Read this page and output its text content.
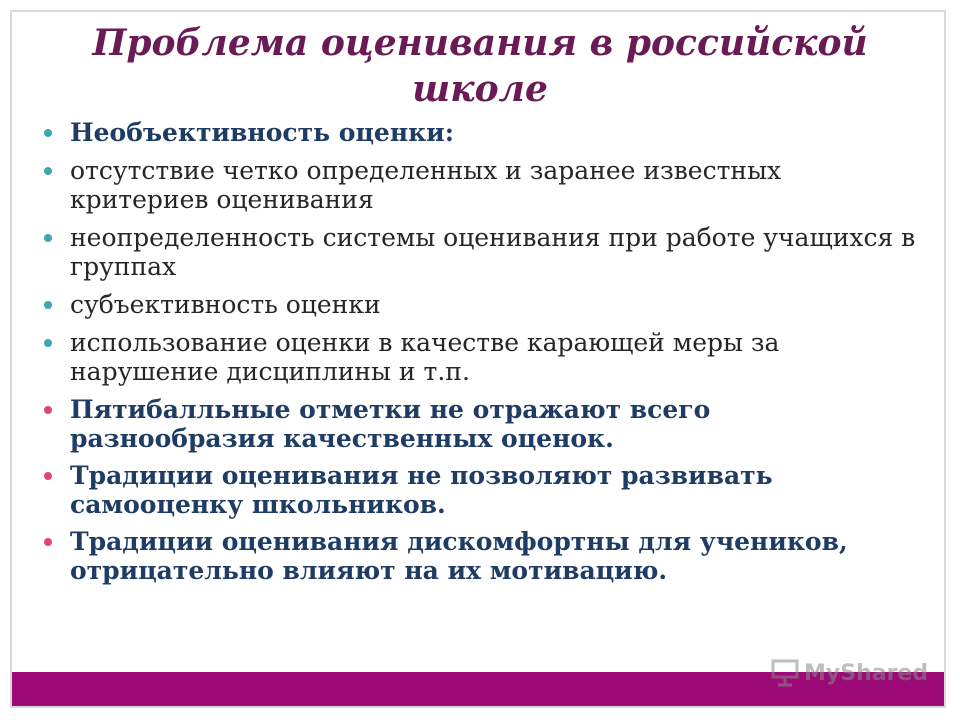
Проблема оценивания в российской школе
Необъективность оценки:
отсутствие четко определенных и заранее известных критериев оценивания
неопределенность системы оценивания при работе учащихся в группах
субъективность оценки
использование оценки в качестве карающей меры за нарушение дисциплины и т.п.
Пятибалльные отметки не отражают всего разнообразия качественных оценок.
Традиции оценивания не позволяют развивать самооценку школьников.
Традиции оценивания дискомфортны для учеников, отрицательно влияют на их мотивацию.
MyShared
